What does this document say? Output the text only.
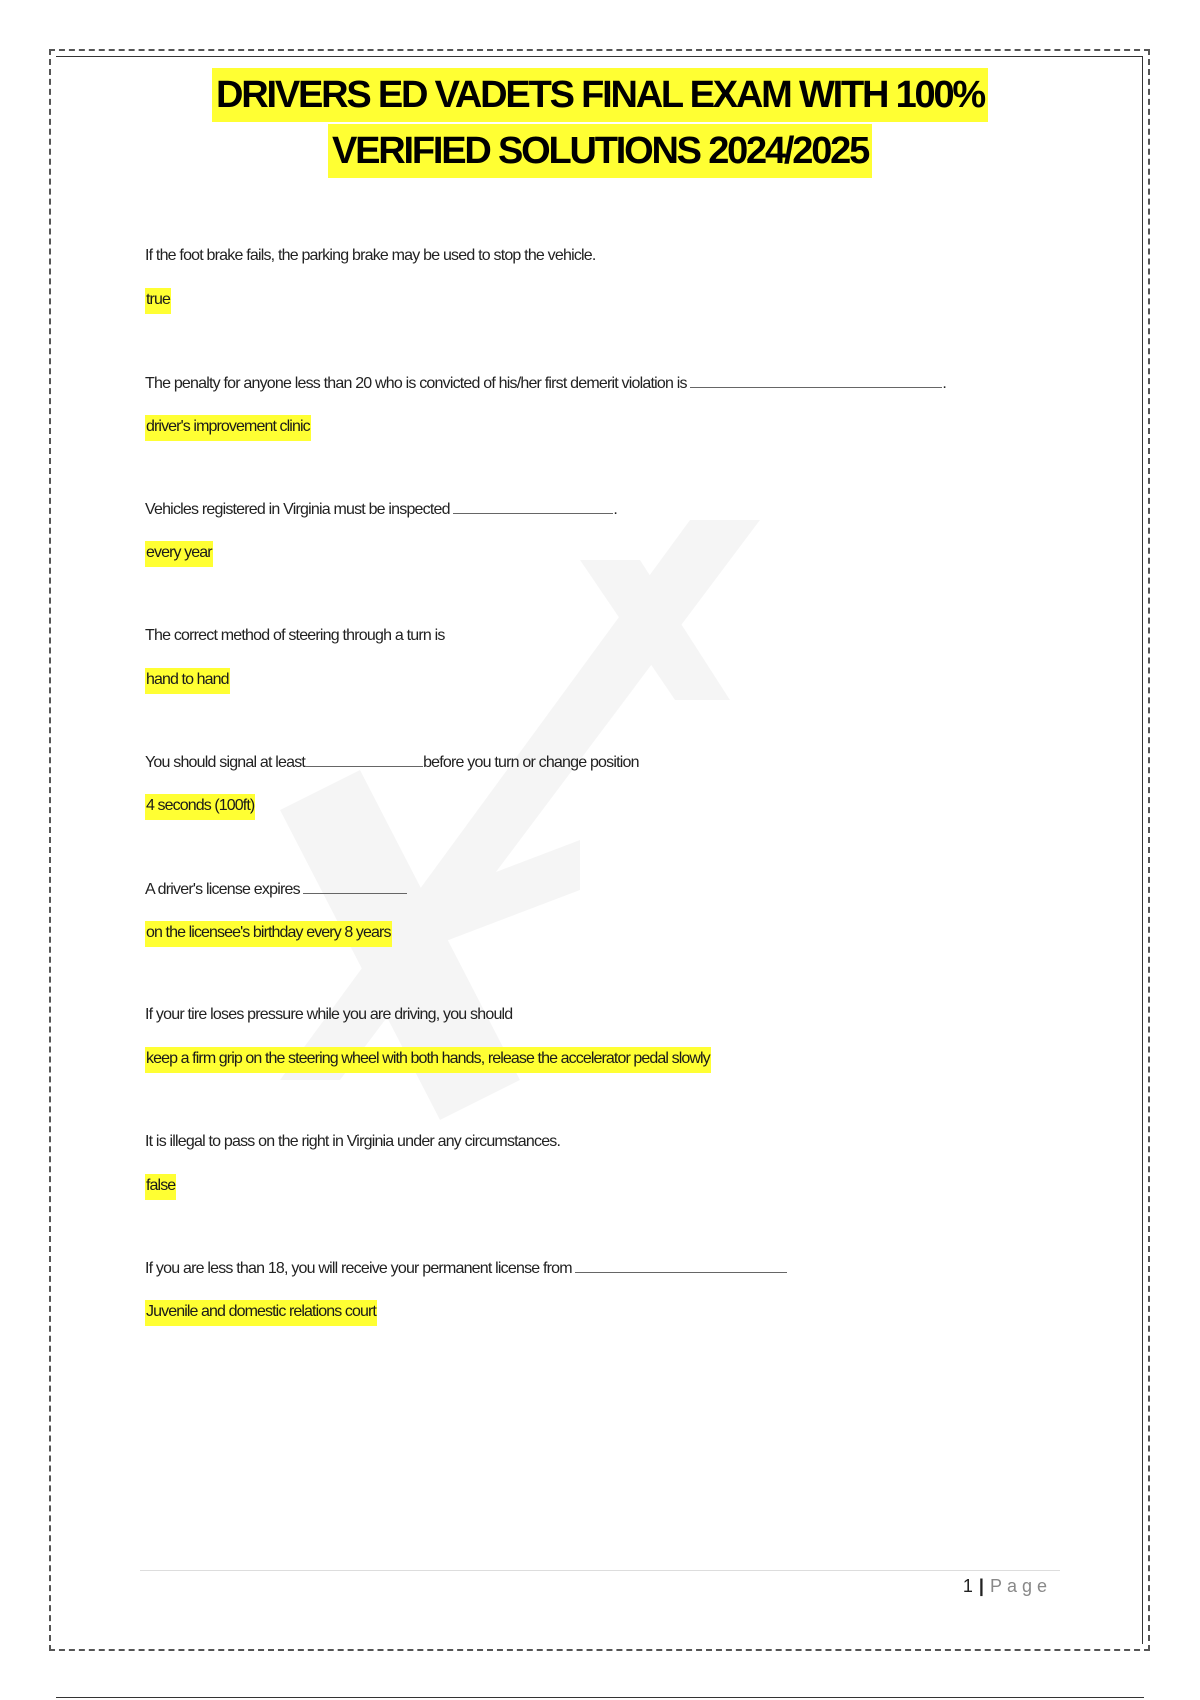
DRIVERS ED VADETS FINAL EXAM WITH 100%
VERIFIED SOLUTIONS 2024/2025
If the foot brake fails, the parking brake may be used to stop the vehicle.
true
The penalty for anyone less than 20 who is convicted of his/her first demerit violation is	.
driver's improvement clinic
Vehicles registered in Virginia must be inspected	.
every year
The correct method of steering through a turn is
hand to hand
You should signal at least	before you turn or change position
4 seconds (100ft)
A driver's license expires
on the licensee's birthday every 8 years
If your tire loses pressure while you are driving, you should
keep a firm grip on the steering wheel with both hands, release the accelerator pedal slowly
It is illegal to pass on the right in Virginia under any circumstances.
false
If you are less than 18, you will receive your permanent license from
Juvenile and domestic relations court
1 | Page
